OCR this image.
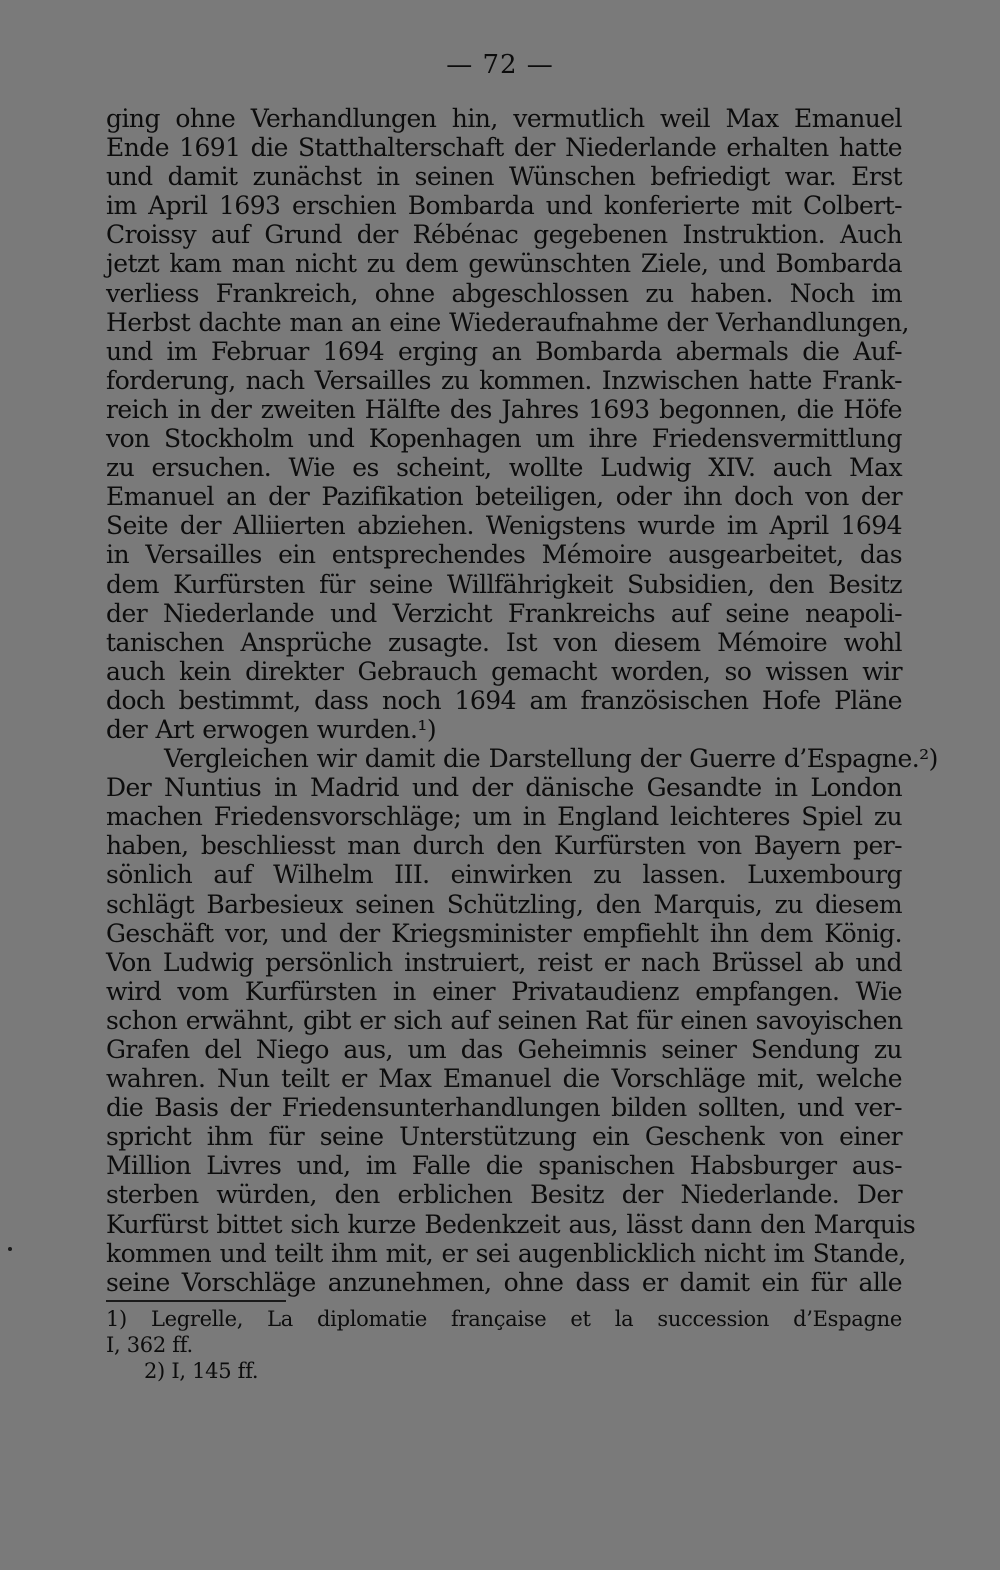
— 72 —
ging ohne Verhandlungen hin, vermutlich weil Max Emanuel
Ende 1691 die Statthalterschaft der Niederlande erhalten hatte
und damit zunächst in seinen Wünschen befriedigt war. Erst
im April 1693 erschien Bombarda und konferierte mit Colbert-
Croissy auf Grund der Rébénac gegebenen Instruktion. Auch
jetzt kam man nicht zu dem gewünschten Ziele, und Bombarda
verliess Frankreich, ohne abgeschlossen zu haben. Noch im
Herbst dachte man an eine Wiederaufnahme der Verhandlungen,
und im Februar 1694 erging an Bombarda abermals die Auf-
forderung, nach Versailles zu kommen. Inzwischen hatte Frank-
reich in der zweiten Hälfte des Jahres 1693 begonnen, die Höfe
von Stockholm und Kopenhagen um ihre Friedensvermittlung
zu ersuchen. Wie es scheint, wollte Ludwig XIV. auch Max
Emanuel an der Pazifikation beteiligen, oder ihn doch von der
Seite der Alliierten abziehen. Wenigstens wurde im April 1694
in Versailles ein entsprechendes Mémoire ausgearbeitet, das
dem Kurfürsten für seine Willfährigkeit Subsidien, den Besitz
der Niederlande und Verzicht Frankreichs auf seine neapoli-
tanischen Ansprüche zusagte. Ist von diesem Mémoire wohl
auch kein direkter Gebrauch gemacht worden, so wissen wir
doch bestimmt, dass noch 1694 am französischen Hofe Pläne
der Art erwogen wurden.¹)
Vergleichen wir damit die Darstellung der Guerre d’Espagne.²)
Der Nuntius in Madrid und der dänische Gesandte in London
machen Friedensvorschläge; um in England leichteres Spiel zu
haben, beschliesst man durch den Kurfürsten von Bayern per-
sönlich auf Wilhelm III. einwirken zu lassen. Luxembourg
schlägt Barbesieux seinen Schützling, den Marquis, zu diesem
Geschäft vor, und der Kriegsminister empfiehlt ihn dem König.
Von Ludwig persönlich instruiert, reist er nach Brüssel ab und
wird vom Kurfürsten in einer Privataudienz empfangen. Wie
schon erwähnt, gibt er sich auf seinen Rat für einen savoyischen
Grafen del Niego aus, um das Geheimnis seiner Sendung zu
wahren. Nun teilt er Max Emanuel die Vorschläge mit, welche
die Basis der Friedensunterhandlungen bilden sollten, und ver-
spricht ihm für seine Unterstützung ein Geschenk von einer
Million Livres und, im Falle die spanischen Habsburger aus-
sterben würden, den erblichen Besitz der Niederlande. Der
Kurfürst bittet sich kurze Bedenkzeit aus, lässt dann den Marquis
kommen und teilt ihm mit, er sei augenblicklich nicht im Stande,
seine Vorschläge anzunehmen, ohne dass er damit ein für alle
1) Legrelle, La diplomatie française et la succession d’Espagne
I, 362 ff.
2) I, 145 ff.
